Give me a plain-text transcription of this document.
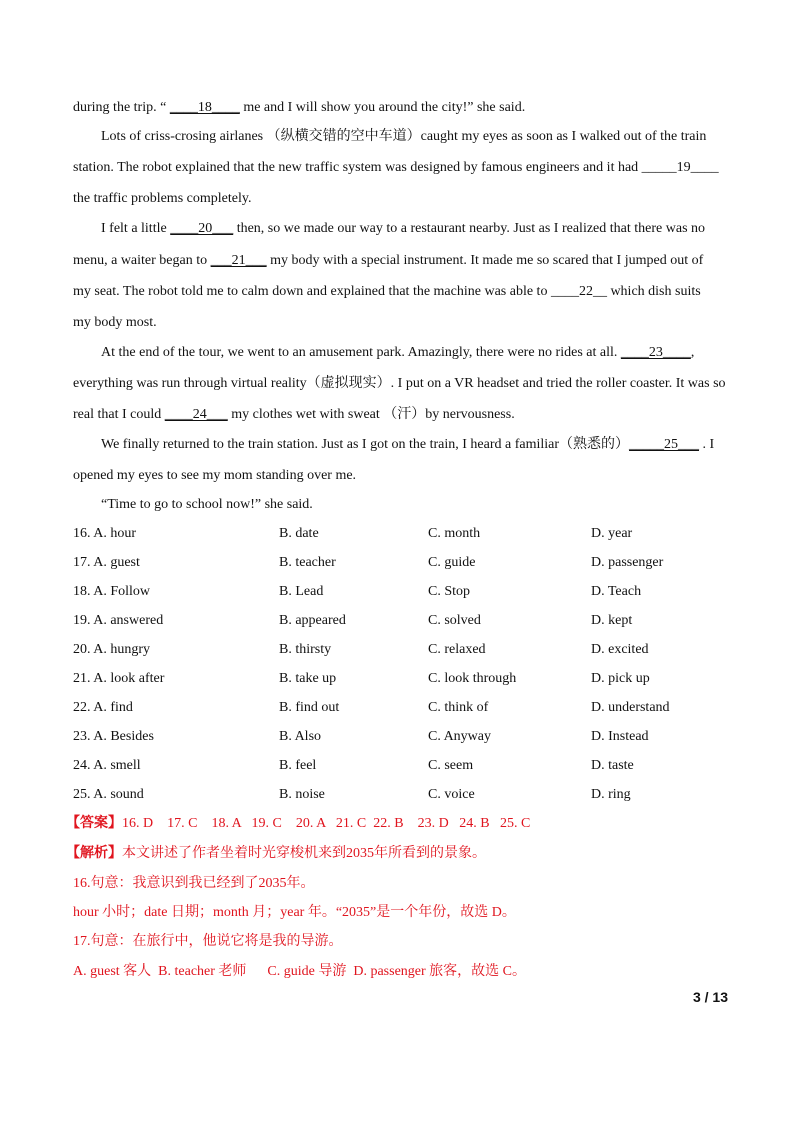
during the trip. “ ____18____ me and I will show you around the city!” she said.
Lots of criss-crosing airlanes （纵横交错的空中车道）caught my eyes as soon as I walked out of the train
station. The robot explained that the new traffic system was designed by famous engineers and it had _____19____
the traffic problems completely.
I felt a little ____20___ then, so we made our way to a restaurant nearby. Just as I realized that there was no
menu, a waiter began to ___21___ my body with a special instrument. It made me so scared that I jumped out of
my seat. The robot told me to calm down and explained that the machine was able to ____22__ which dish suits
my body most.
At the end of the tour, we went to an amusement park. Amazingly, there were no rides at all. ____23____,
everything was run through virtual reality（虚拟现实）. I put on a VR headset and tried the roller coaster. It was so
real that I could ____24___ my clothes wet with sweat （汗）by nervousness.
We finally returned to the train station. Just as I got on the train, I heard a familiar（熟悉的）_____25___ . I
opened my eyes to see my mom standing over me.
“Time to go to school now!” she said.
16. A. hour	B. date	C. month	D. year
17. A. guest	B. teacher	C. guide	D. passenger
18. A. Follow	B. Lead	C. Stop	D. Teach
19. A. answered	B. appeared	C. solved	D. kept
20. A. hungry	B. thirsty	C. relaxed	D. excited
21. A. look after	B. take up	C. look through	D. pick up
22. A. find	B. find out	C. think of	D. understand
23. A. Besides	B. Also	C. Anyway	D. Instead
24. A. smell	B. feel	C. seem	D. taste
25. A. sound	B. noise	C. voice	D. ring
【答案】16. D    17. C    18. A   19. C    20. A   21. C  22. B    23. D   24. B   25. C
【解析】本文讲述了作者坐着时光穿梭机来到2035年所看到的景象。
16.句意：我意识到我已经到了2035年。
hour 小时；date 日期；month 月；year 年。“2035”是一个年份，故选 D。
17.句意：在旅行中，他说它将是我的导游。
A. guest 客人  B. teacher 老师      C. guide 导游  D. passenger 旅客，故选 C。
3 / 13
